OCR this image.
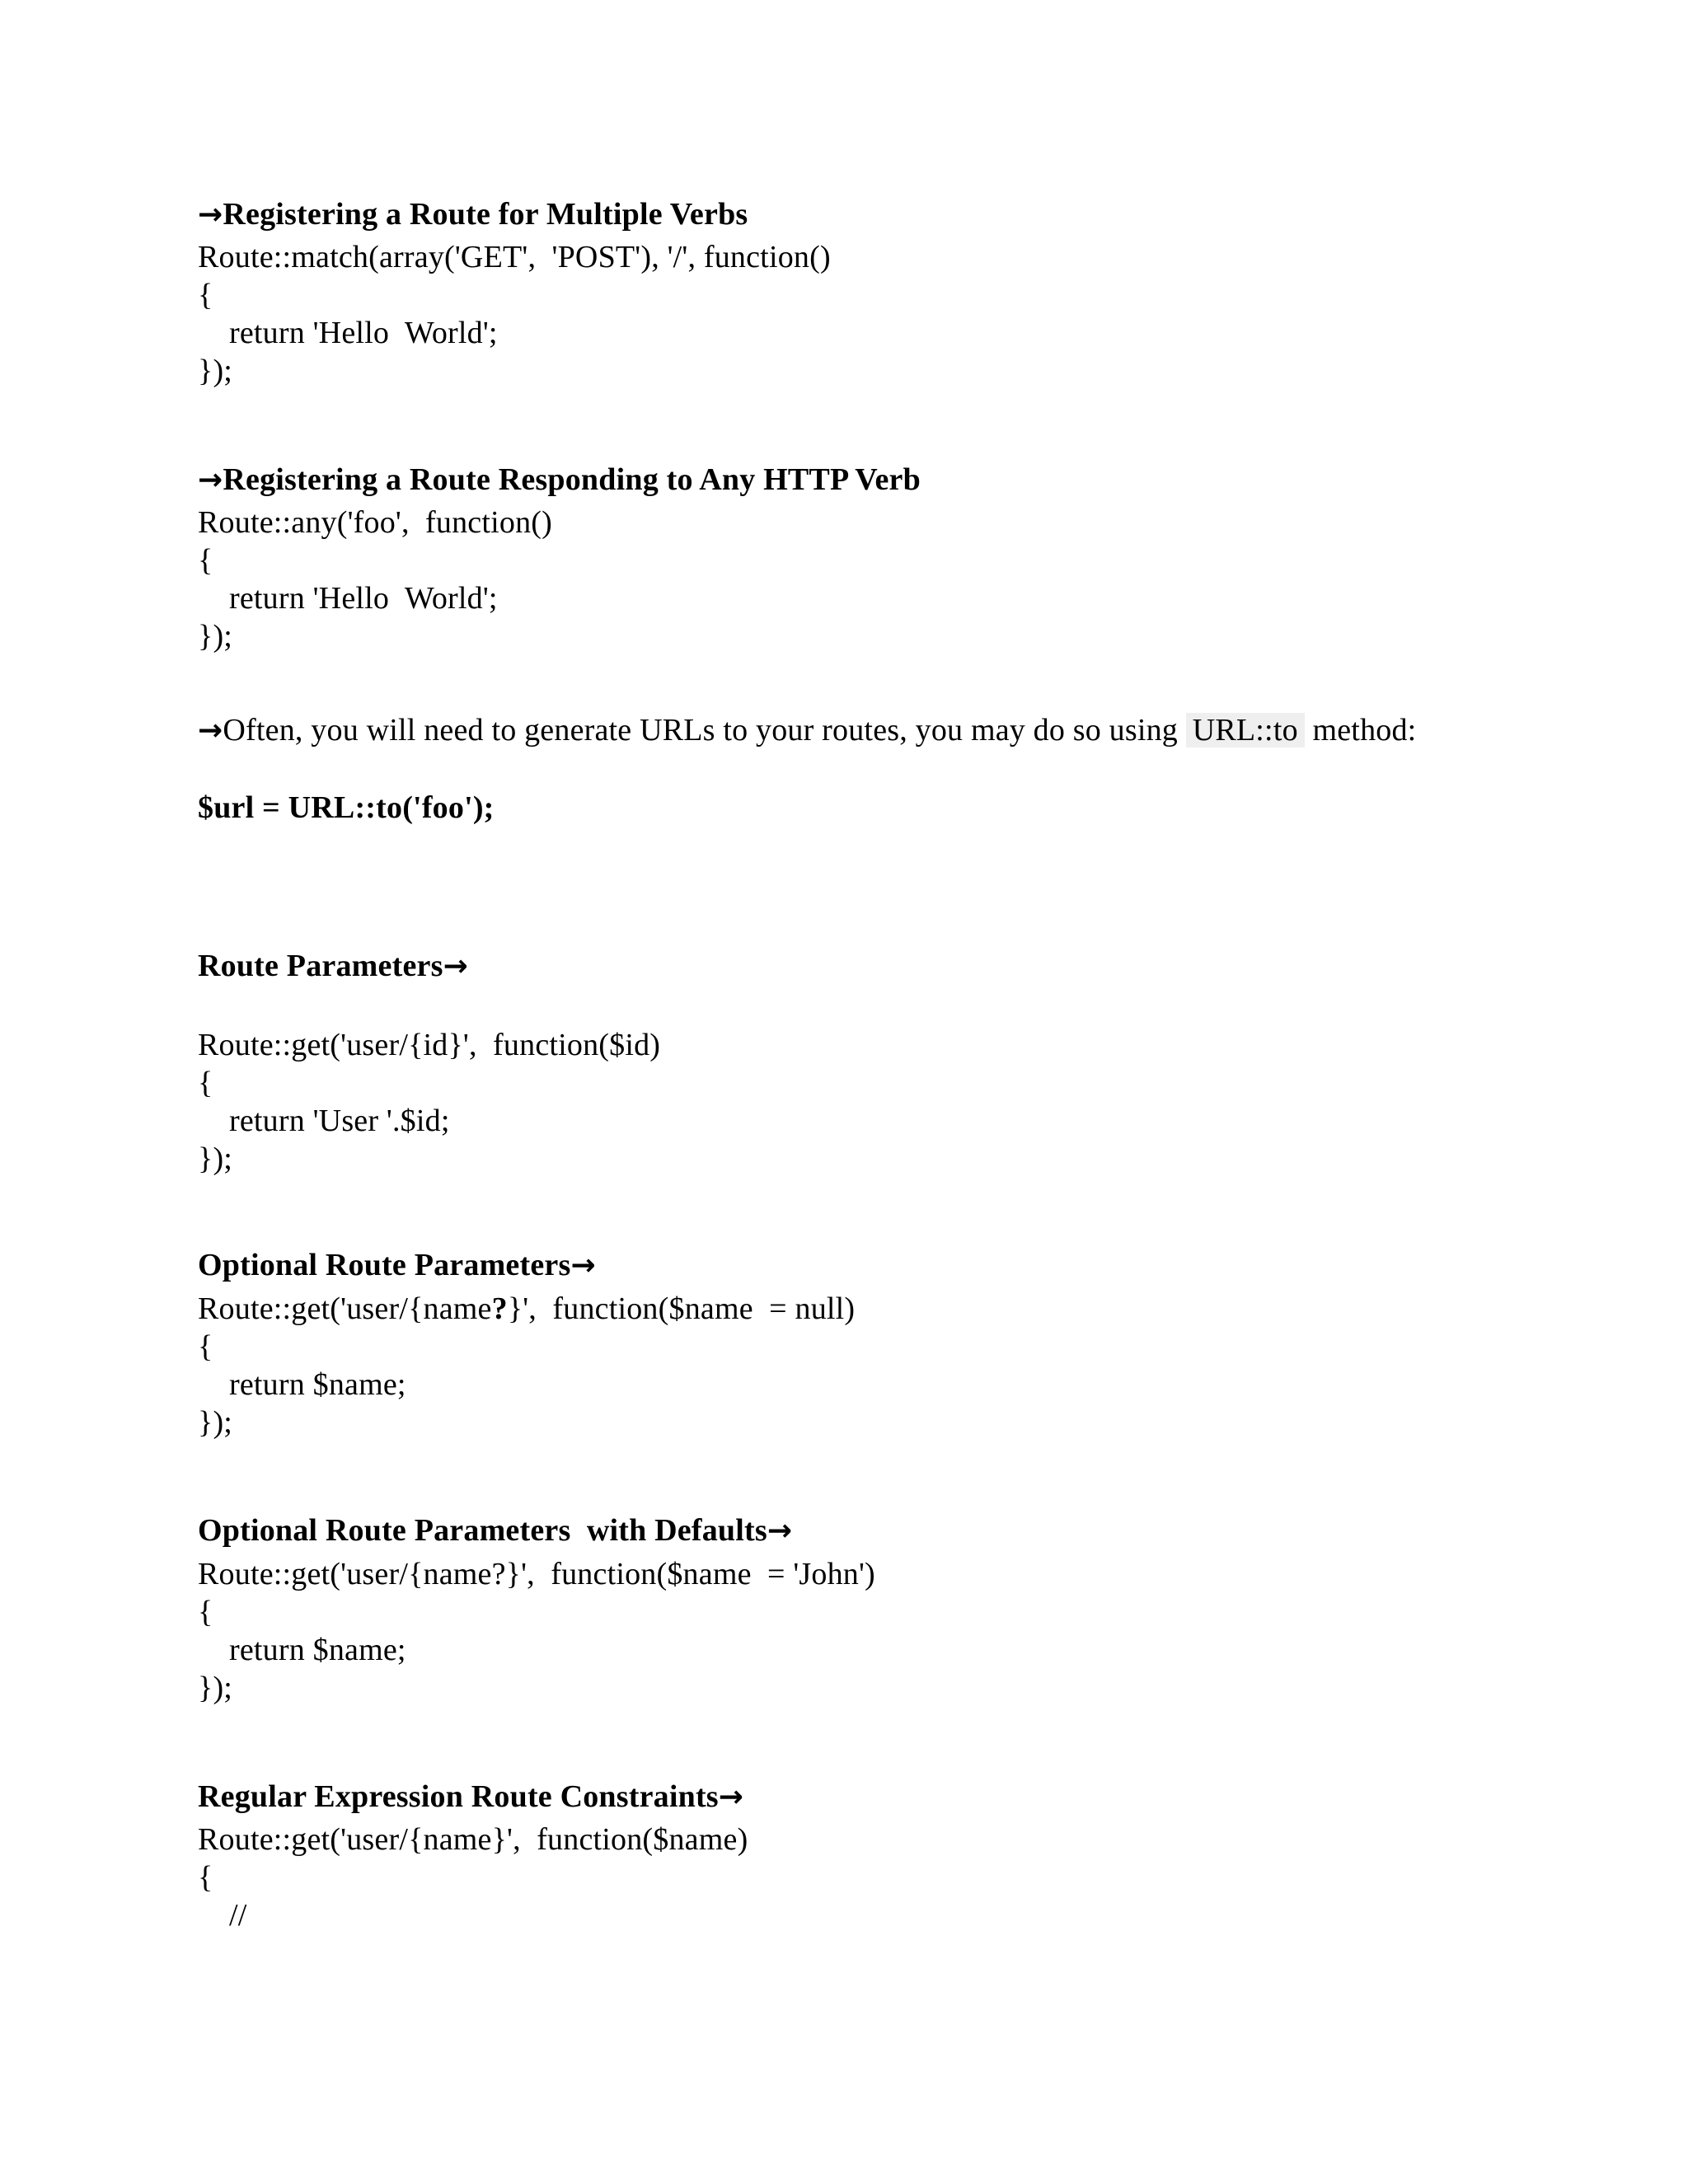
→Registering a Route for Multiple Verbs
Route::match(array('GET',  'POST'), '/', function()
{
return 'Hello  World';
});
→Registering a Route Responding to Any HTTP Verb
Route::any('foo',  function()
{
return 'Hello  World';
});
→Often, you will need to generate URLs to your routes, you may do so using URL::to method:
$url = URL::to('foo');
Route Parameters→
Route::get('user/{id}',  function($id)
{
return 'User '.$id;
});
Optional Route Parameters→
Route::get('user/{name?}',  function($name  = null)
{
return $name;
});
Optional Route Parameters  with Defaults→
Route::get('user/{name?}',  function($name  = 'John')
{
return $name;
});
Regular Expression Route Constraints→
Route::get('user/{name}',  function($name)
{
//
